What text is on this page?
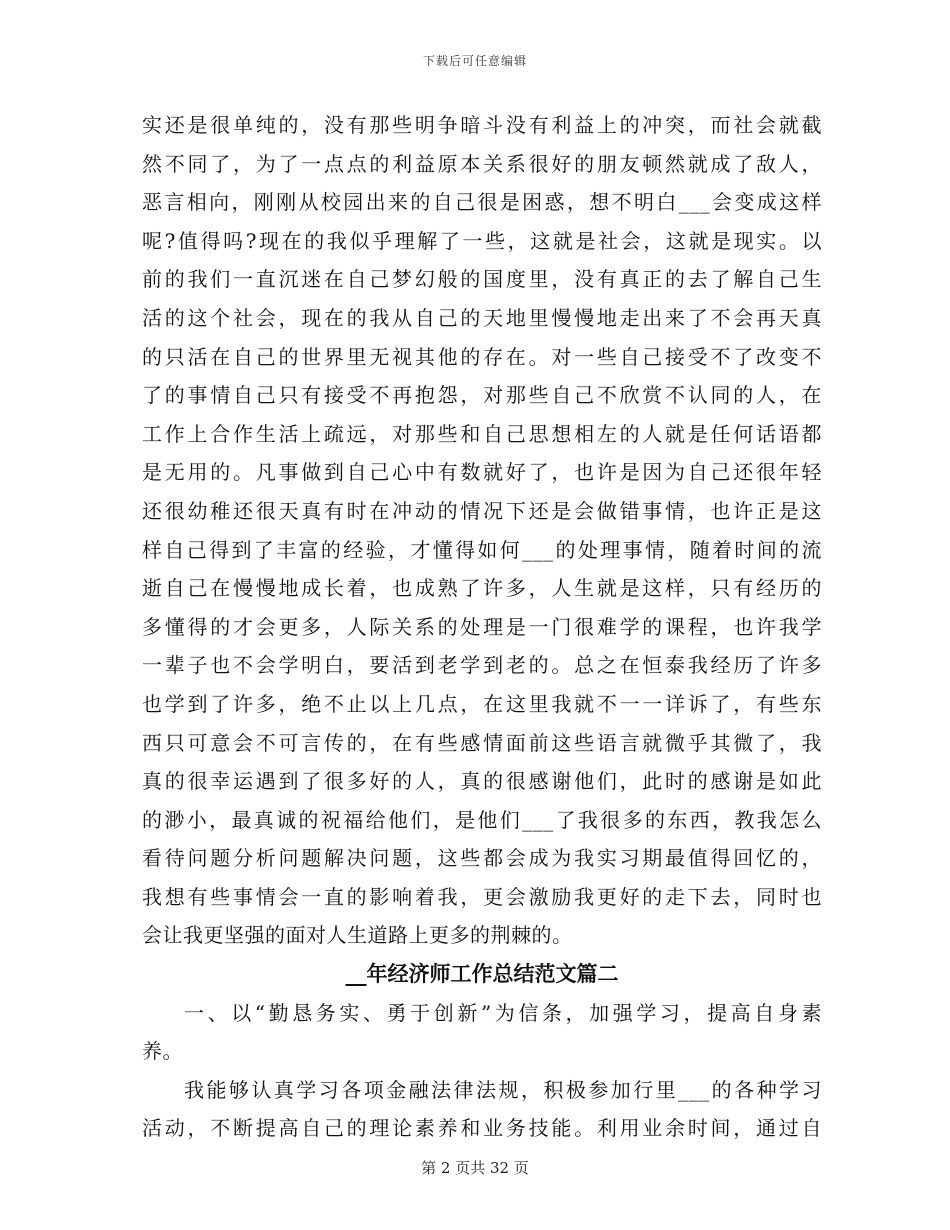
下载后可任意编辑
实还是很单纯的，没有那些明争暗斗没有利益上的冲突，而社会就截
然不同了，为了一点点的利益原本关系很好的朋友顿然就成了敌人，
恶言相向，刚刚从校园出来的自己很是困惑，想不明白___会变成这样
呢?值得吗?现在的我似乎理解了一些，这就是社会，这就是现实。以
前的我们一直沉迷在自己梦幻般的国度里，没有真正的去了解自己生
活的这个社会，现在的我从自己的天地里慢慢地走出来了不会再天真
的只活在自己的世界里无视其他的存在。对一些自己接受不了改变不
了的事情自己只有接受不再抱怨，对那些自己不欣赏不认同的人，在
工作上合作生活上疏远，对那些和自己思想相左的人就是任何话语都
是无用的。凡事做到自己心中有数就好了，也许是因为自己还很年轻
还很幼稚还很天真有时在冲动的情况下还是会做错事情，也许正是这
样自己得到了丰富的经验，才懂得如何___的处理事情，随着时间的流
逝自己在慢慢地成长着，也成熟了许多，人生就是这样，只有经历的
多懂得的才会更多，人际关系的处理是一门很难学的课程，也许我学
一辈子也不会学明白，要活到老学到老的。总之在恒泰我经历了许多
也学到了许多，绝不止以上几点，在这里我就不一一详诉了，有些东
西只可意会不可言传的，在有些感情面前这些语言就微乎其微了，我
真的很幸运遇到了很多好的人，真的很感谢他们，此时的感谢是如此
的渺小，最真诚的祝福给他们，是他们___了我很多的东西，教我怎么
看待问题分析问题解决问题，这些都会成为我实习期最值得回忆的，
我想有些事情会一直的影响着我，更会激励我更好的走下去，同时也
会让我更坚强的面对人生道路上更多的荆棘的。
__年经济师工作总结范文篇二
一、以“勤恳务实、勇于创新”为信条，加强学习，提高自身素
养。
我能够认真学习各项金融法律法规，积极参加行里___的各种学习
活动，不断提高自己的理论素养和业务技能。利用业余时间，通过自
第 2 页共 32 页
